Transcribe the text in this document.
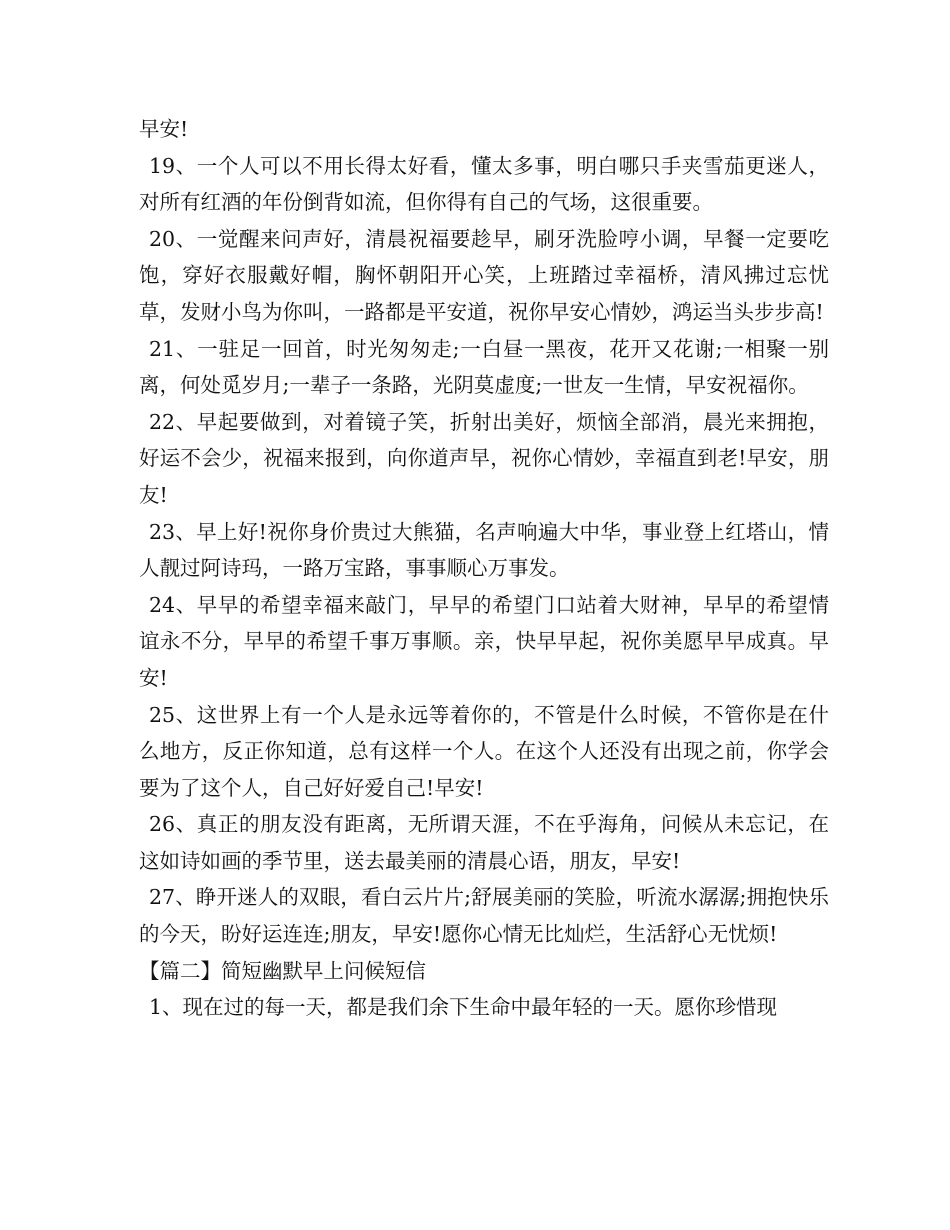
早安!

19、一个人可以不用长得太好看，懂太多事，明白哪只手夹雪茄更迷人，对所有红酒的年份倒背如流，但你得有自己的气场，这很重要。

20、一觉醒来问声好，清晨祝福要趁早，刷牙洗脸哼小调，早餐一定要吃饱，穿好衣服戴好帽，胸怀朝阳开心笑，上班踏过幸福桥，清风拂过忘忧草，发财小鸟为你叫，一路都是平安道，祝你早安心情妙，鸿运当头步步高!

21、一驻足一回首，时光匆匆走;一白昼一黑夜，花开又花谢;一相聚一别离，何处觅岁月;一辈子一条路，光阴莫虚度;一世友一生情，早安祝福你。

22、早起要做到，对着镜子笑，折射出美好，烦恼全部消，晨光来拥抱，好运不会少，祝福来报到，向你道声早，祝你心情妙，幸福直到老!早安，朋友!

23、早上好!祝你身价贵过大熊猫，名声响遍大中华，事业登上红塔山，情人靓过阿诗玛，一路万宝路，事事顺心万事发。

24、早早的希望幸福来敲门，早早的希望门口站着大财神，早早的希望情谊永不分，早早的希望千事万事顺。亲，快早早起，祝你美愿早早成真。早安!

25、这世界上有一个人是永远等着你的，不管是什么时候，不管你是在什么地方，反正你知道，总有这样一个人。在这个人还没有出现之前，你学会要为了这个人，自己好好爱自己!早安!

26、真正的朋友没有距离，无所谓天涯，不在乎海角，问候从未忘记，在这如诗如画的季节里，送去最美丽的清晨心语，朋友，早安!

27、睁开迷人的双眼，看白云片片;舒展美丽的笑脸，听流水潺潺;拥抱快乐的今天，盼好运连连;朋友，早安!愿你心情无比灿烂，生活舒心无忧烦!

【篇二】简短幽默早上问候短信

1、现在过的每一天，都是我们余下生命中最年轻的一天。愿你珍惜现
